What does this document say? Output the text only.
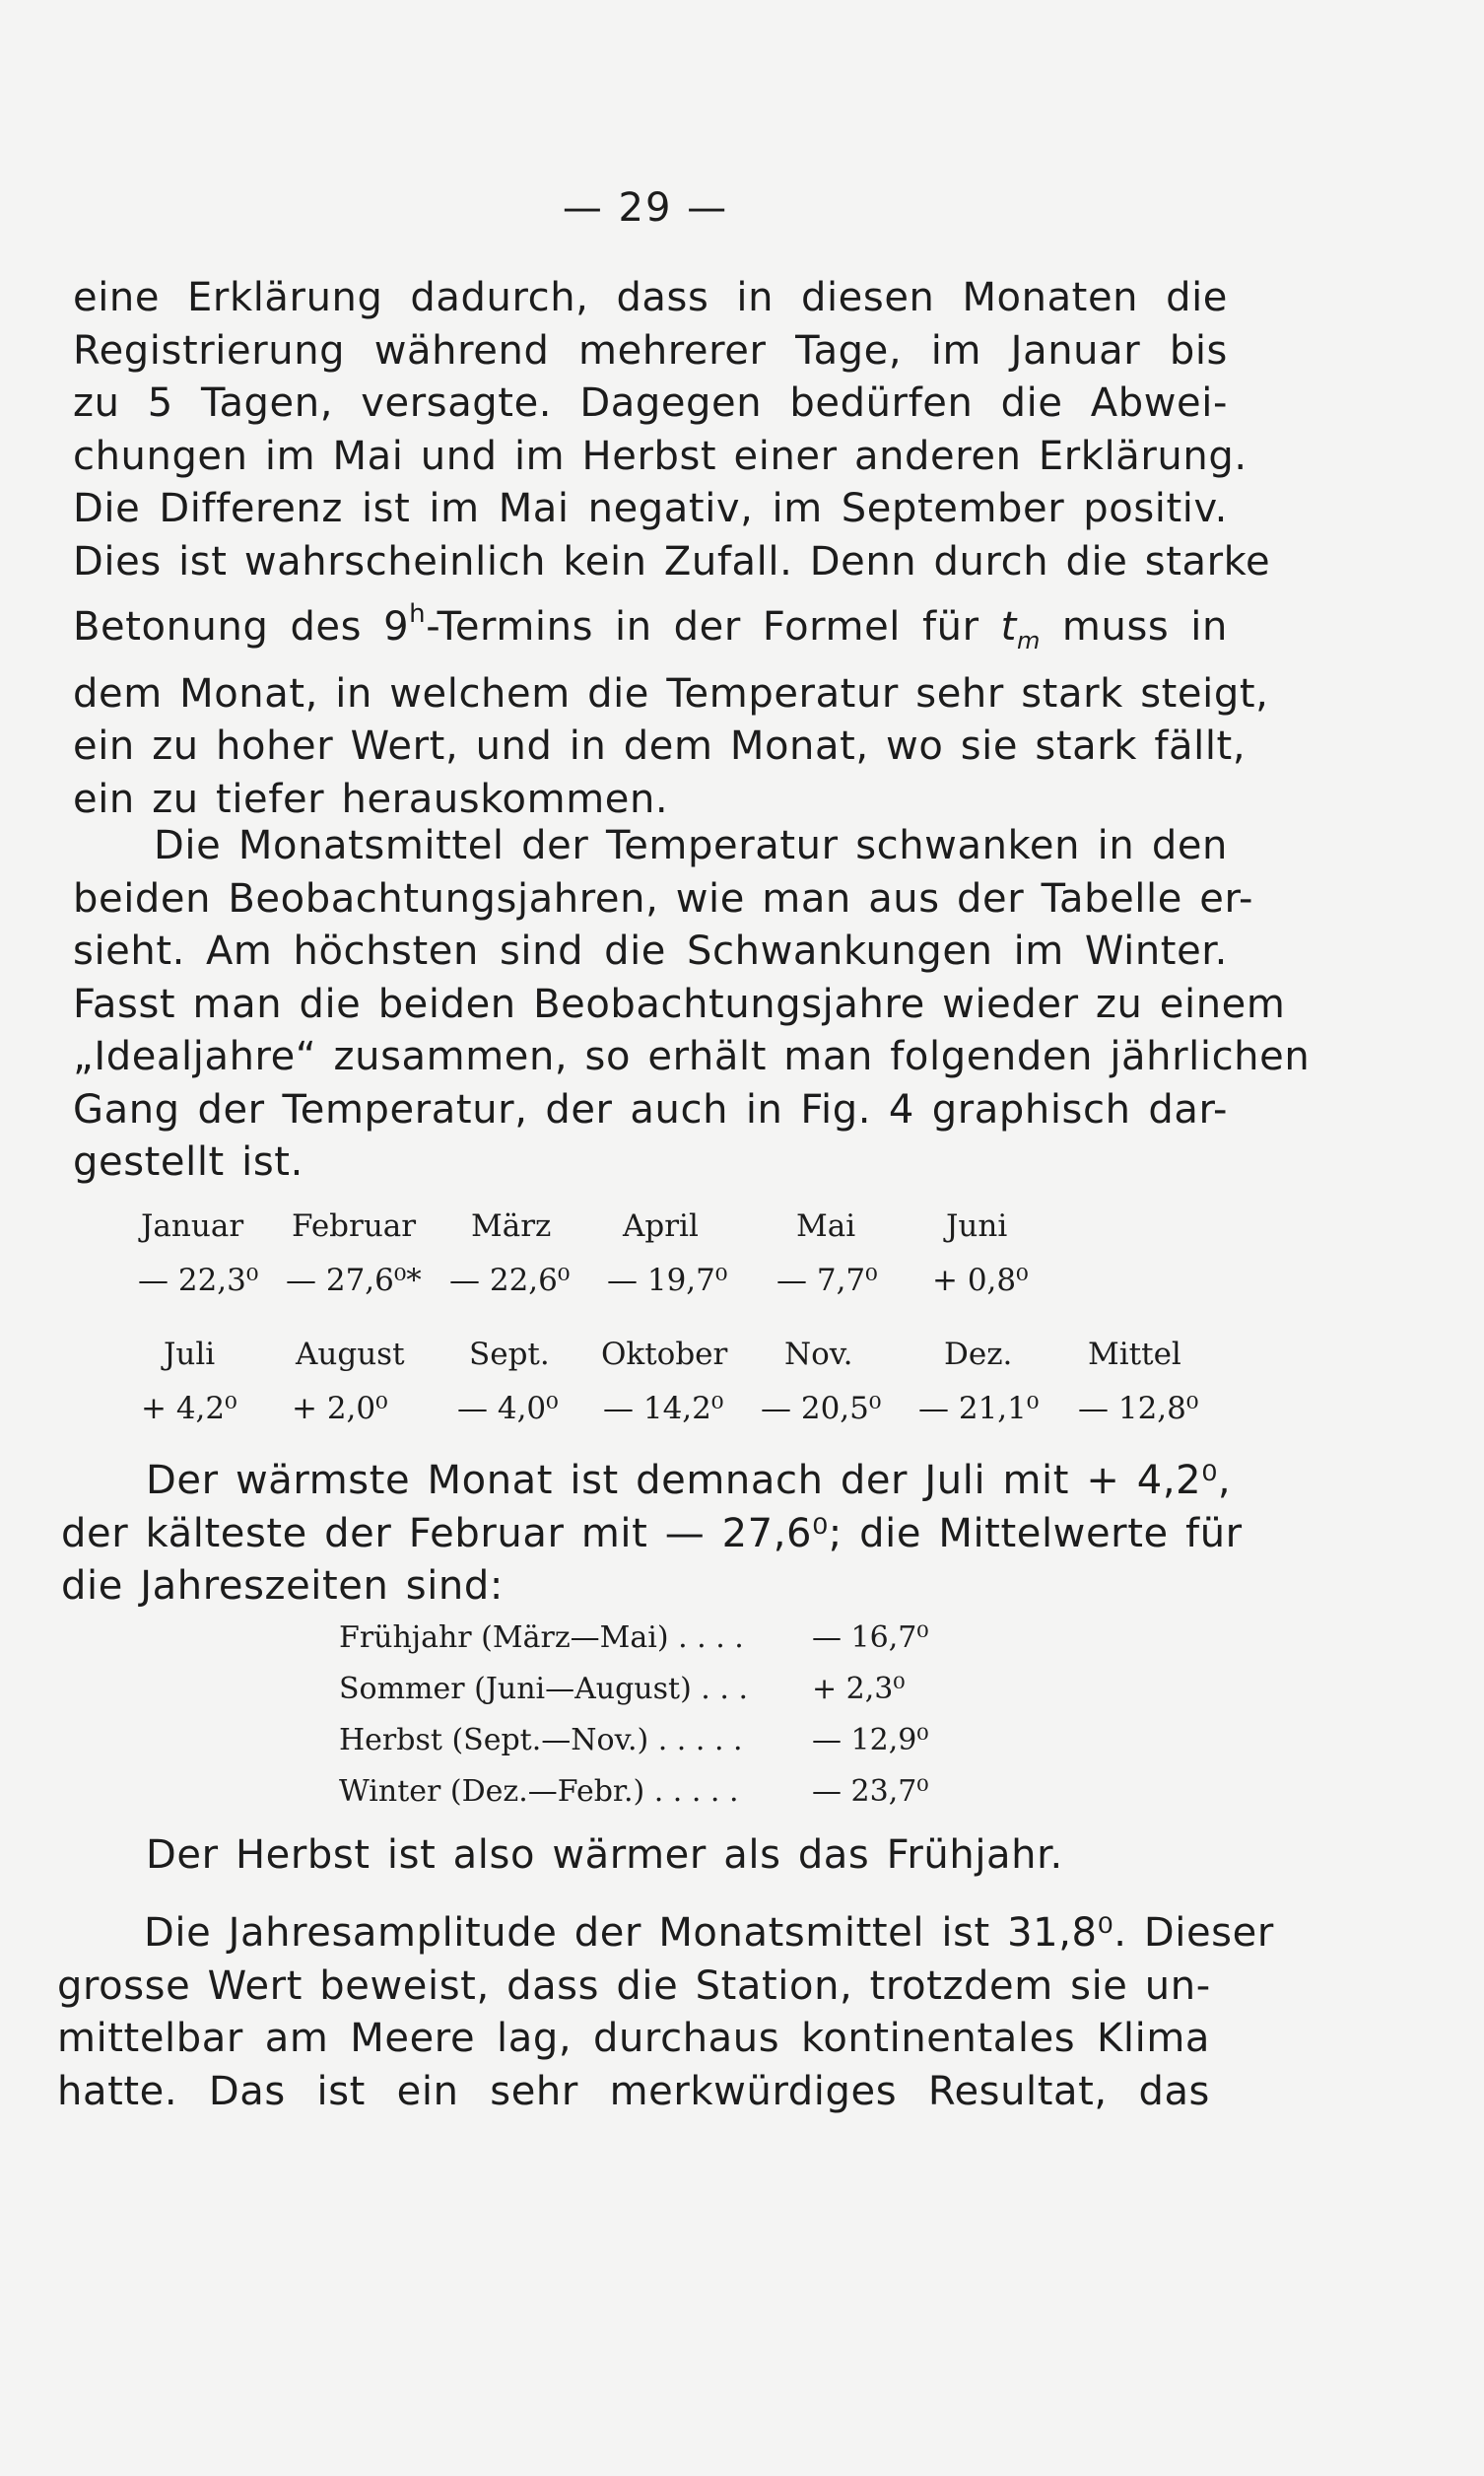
— 29 —
eine Erklärung dadurch, dass in diesen Monaten die
Registrierung während mehrerer Tage, im Januar bis
zu 5 Tagen, versagte. Dagegen bedürfen die Abwei-
chungen im Mai und im Herbst einer anderen Erklärung.
Die Differenz ist im Mai negativ, im September positiv.
Dies ist wahrscheinlich kein Zufall. Denn durch die starke
Betonung des 9$^h$-Termins in der Formel für $t_m$ muss in
dem Monat, in welchem die Temperatur sehr stark steigt,
ein zu hoher Wert, und in dem Monat, wo sie stark fällt,
ein zu tiefer herauskommen.
Die Monatsmittel der Temperatur schwanken in den
beiden Beobachtungsjahren, wie man aus der Tabelle er-
sieht. Am höchsten sind die Schwankungen im Winter.
Fasst man die beiden Beobachtungsjahre wieder zu einem
„Idealjahre“ zusammen, so erhält man folgenden jährlichen
Gang der Temperatur, der auch in Fig. 4 graphisch dar-
gestellt ist.
Januar Februar März April	Mai	Juni
— 22,3⁰ — 27,6⁰* — 22,6⁰ — 19,7⁰ — 7,7⁰ + 0,8⁰
Juli	August Sept. Oktober Nov.	Dez. Mittel
+ 4,2⁰ + 2,0⁰ — 4,0⁰ — 14,2⁰ — 20,5⁰ — 21,1⁰ — 12,8⁰
Der wärmste Monat ist demnach der Juli mit + 4,2⁰,
der kälteste der Februar mit — 27,6⁰; die Mittelwerte für
die Jahreszeiten sind:
Frühjahr (März—Mai) . . . . — 16,7⁰
Sommer (Juni—August) . . . + 2,3⁰
Herbst (Sept.—Nov.) . . . . . — 12,9⁰
Winter (Dez.—Febr.) . . . . . — 23,7⁰
Der Herbst ist also wärmer als das Frühjahr.
Die Jahresamplitude der Monatsmittel ist 31,8⁰. Dieser
grosse Wert beweist, dass die Station, trotzdem sie un-
mittelbar am Meere lag, durchaus kontinentales Klima
hatte. Das ist ein sehr merkwürdiges Resultat, das
